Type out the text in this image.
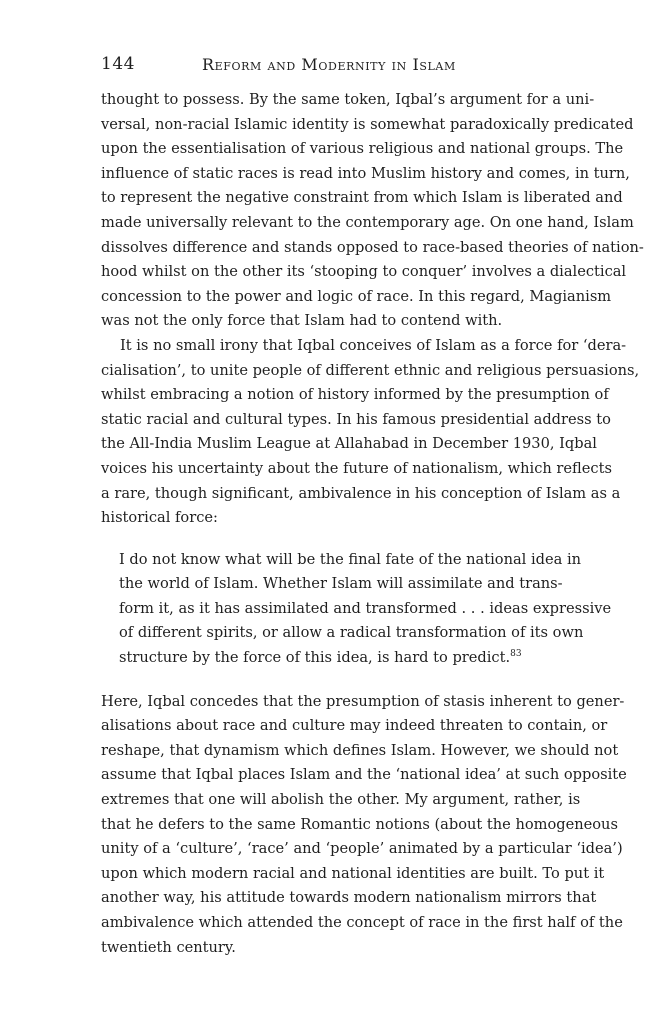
144	Reform and Modernity in Islam
thought to possess. By the same token, Iqbal’s argument for a uni-
versal, non-racial Islamic identity is somewhat paradoxically predicated
upon the essentialisation of various religious and national groups. The
influence of static races is read into Muslim history and comes, in turn,
to represent the negative constraint from which Islam is liberated and
made universally relevant to the contemporary age. On one hand, Islam
dissolves difference and stands opposed to race-based theories of nation-
hood whilst on the other its ‘stooping to conquer’ involves a dialectical
concession to the power and logic of race. In this regard, Magianism
was not the only force that Islam had to contend with.
It is no small irony that Iqbal conceives of Islam as a force for ‘dera-
cialisation’, to unite people of different ethnic and religious persuasions,
whilst embracing a notion of history informed by the presumption of
static racial and cultural types. In his famous presidential address to
the All-India Muslim League at Allahabad in December 1930, Iqbal
voices his uncertainty about the future of nationalism, which reflects
a rare, though significant, ambivalence in his conception of Islam as a
historical force:
I do not know what will be the final fate of the national idea in
the world of Islam. Whether Islam will assimilate and trans-
form it, as it has assimilated and transformed . . . ideas expressive
of different spirits, or allow a radical transformation of its own
structure by the force of this idea, is hard to predict.$^{83}$
Here, Iqbal concedes that the presumption of stasis inherent to gener-
alisations about race and culture may indeed threaten to contain, or
reshape, that dynamism which defines Islam. However, we should not
assume that Iqbal places Islam and the ‘national idea’ at such opposite
extremes that one will abolish the other. My argument, rather, is
that he defers to the same Romantic notions (about the homogeneous
unity of a ‘culture’, ‘race’ and ‘people’ animated by a particular ‘idea’)
upon which modern racial and national identities are built. To put it
another way, his attitude towards modern nationalism mirrors that
ambivalence which attended the concept of race in the first half of the
twentieth century.
